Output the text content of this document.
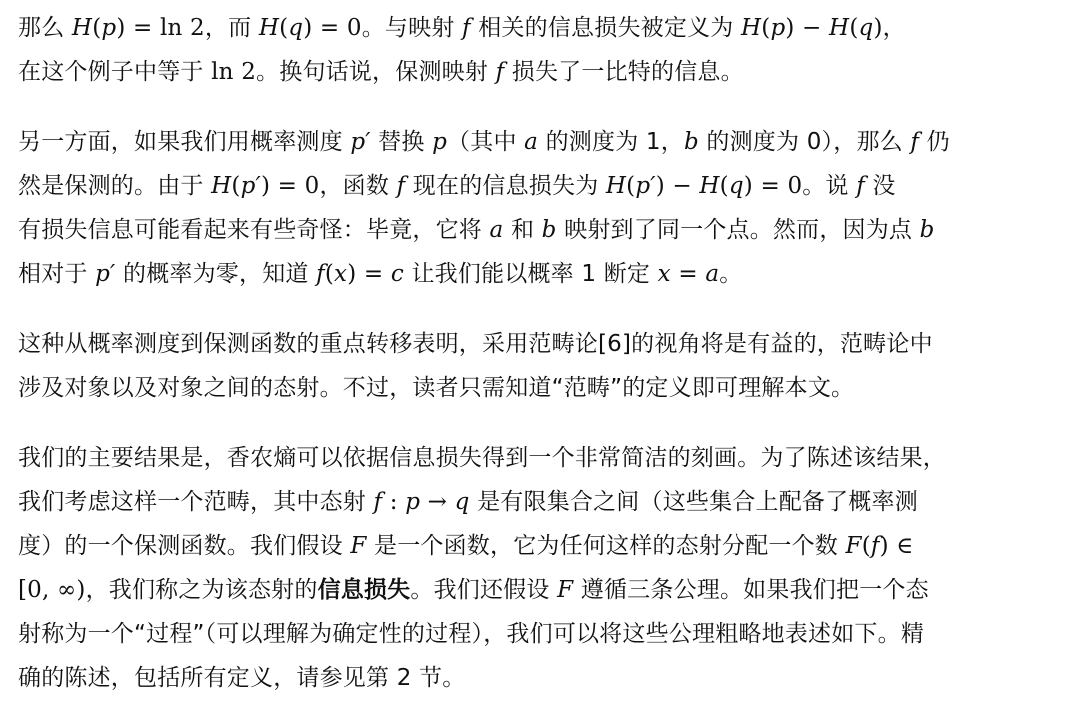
那么 H(p) = ln 2，而 H(q) = 0。与映射 f 相关的信息损失被定义为 H(p) − H(q)，
在这个例子中等于 ln 2。换句话说，保测映射 f 损失了一比特的信息。
另一方面，如果我们用概率测度 p′ 替换 p（其中 a 的测度为 1，b 的测度为 0），那么 f 仍
然是保测的。由于 H(p′) = 0，函数 f 现在的信息损失为 H(p′) − H(q) = 0。说 f 没
有损失信息可能看起来有些奇怪：毕竟，它将 a 和 b 映射到了同一个点。然而，因为点 b
相对于 p′ 的概率为零，知道 f(x) = c 让我们能以概率 1 断定 x = a。
这种从概率测度到保测函数的重点转移表明，采用范畴论[6]的视角将是有益的，范畴论中
涉及对象以及对象之间的态射。不过，读者只需知道“范畴”的定义即可理解本文。
我们的主要结果是，香农熵可以依据信息损失得到一个非常简洁的刻画。为了陈述该结果，
我们考虑这样一个范畴，其中态射 f : p → q 是有限集合之间（这些集合上配备了概率测
度）的一个保测函数。我们假设 F 是一个函数，它为任何这样的态射分配一个数 F(f) ∈
[0, ∞)，我们称之为该态射的信息损失。我们还假设 F 遵循三条公理。如果我们把一个态
射称为一个“过程”（可以理解为确定性的过程），我们可以将这些公理粗略地表述如下。精
确的陈述，包括所有定义，请参见第 2 节。
